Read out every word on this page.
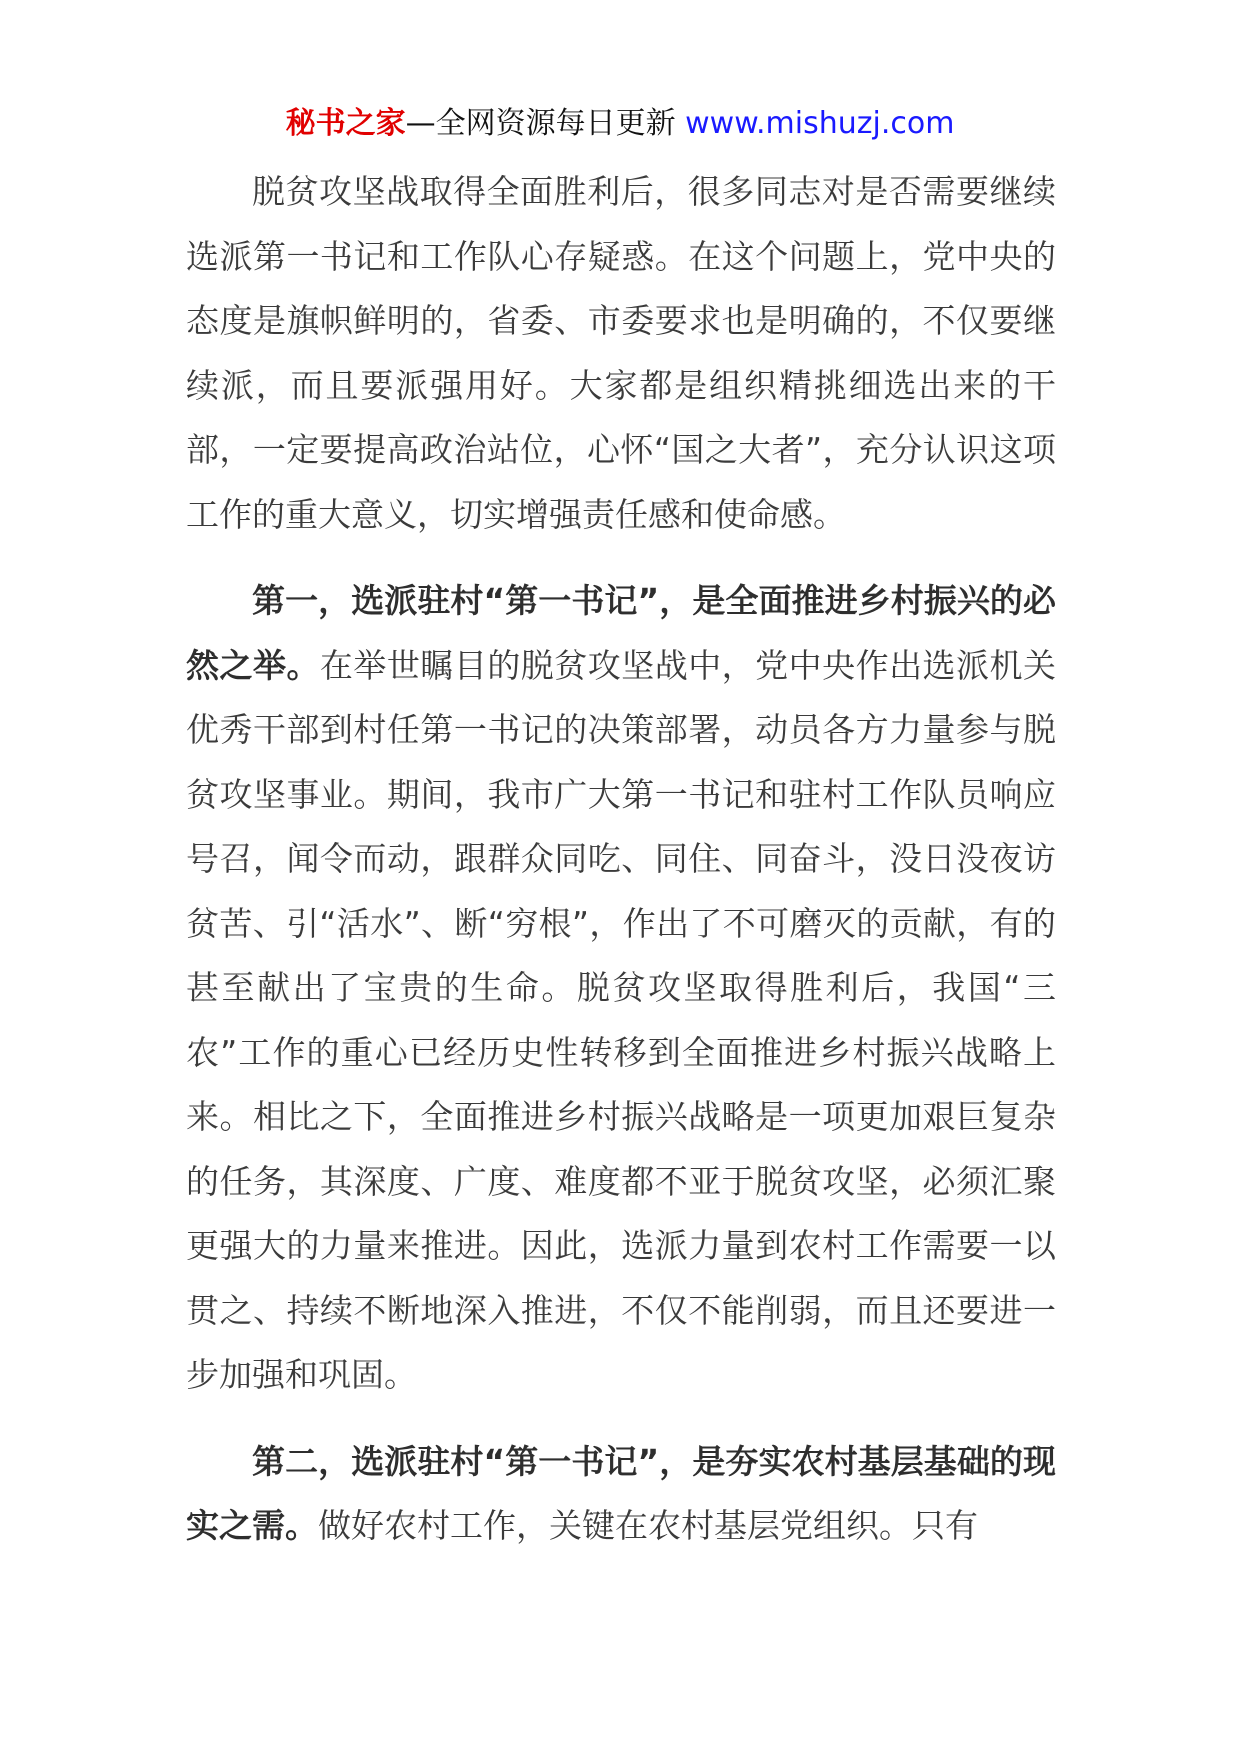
秘书之家—全网资源每日更新 www.mishuzj.com

脱贫攻坚战取得全面胜利后，很多同志对是否需要继续选派第一书记和工作队心存疑惑。在这个问题上，党中央的态度是旗帜鲜明的，省委、市委要求也是明确的，不仅要继续派，而且要派强用好。大家都是组织精挑细选出来的干部，一定要提高政治站位，心怀“国之大者”，充分认识这项工作的重大意义，切实增强责任感和使命感。

第一，选派驻村“第一书记”，是全面推进乡村振兴的必然之举。在举世瞩目的脱贫攻坚战中，党中央作出选派机关优秀干部到村任第一书记的决策部署，动员各方力量参与脱贫攻坚事业。期间，我市广大第一书记和驻村工作队员响应号召，闻令而动，跟群众同吃、同住、同奋斗，没日没夜访贫苦、引“活水”、断“穷根”，作出了不可磨灭的贡献，有的甚至献出了宝贵的生命。脱贫攻坚取得胜利后，我国“三农”工作的重心已经历史性转移到全面推进乡村振兴战略上来。相比之下，全面推进乡村振兴战略是一项更加艰巨复杂的任务，其深度、广度、难度都不亚于脱贫攻坚，必须汇聚更强大的力量来推进。因此，选派力量到农村工作需要一以贯之、持续不断地深入推进，不仅不能削弱，而且还要进一步加强和巩固。

第二，选派驻村“第一书记”，是夯实农村基层基础的现实之需。做好农村工作，关键在农村基层党组织。只有
